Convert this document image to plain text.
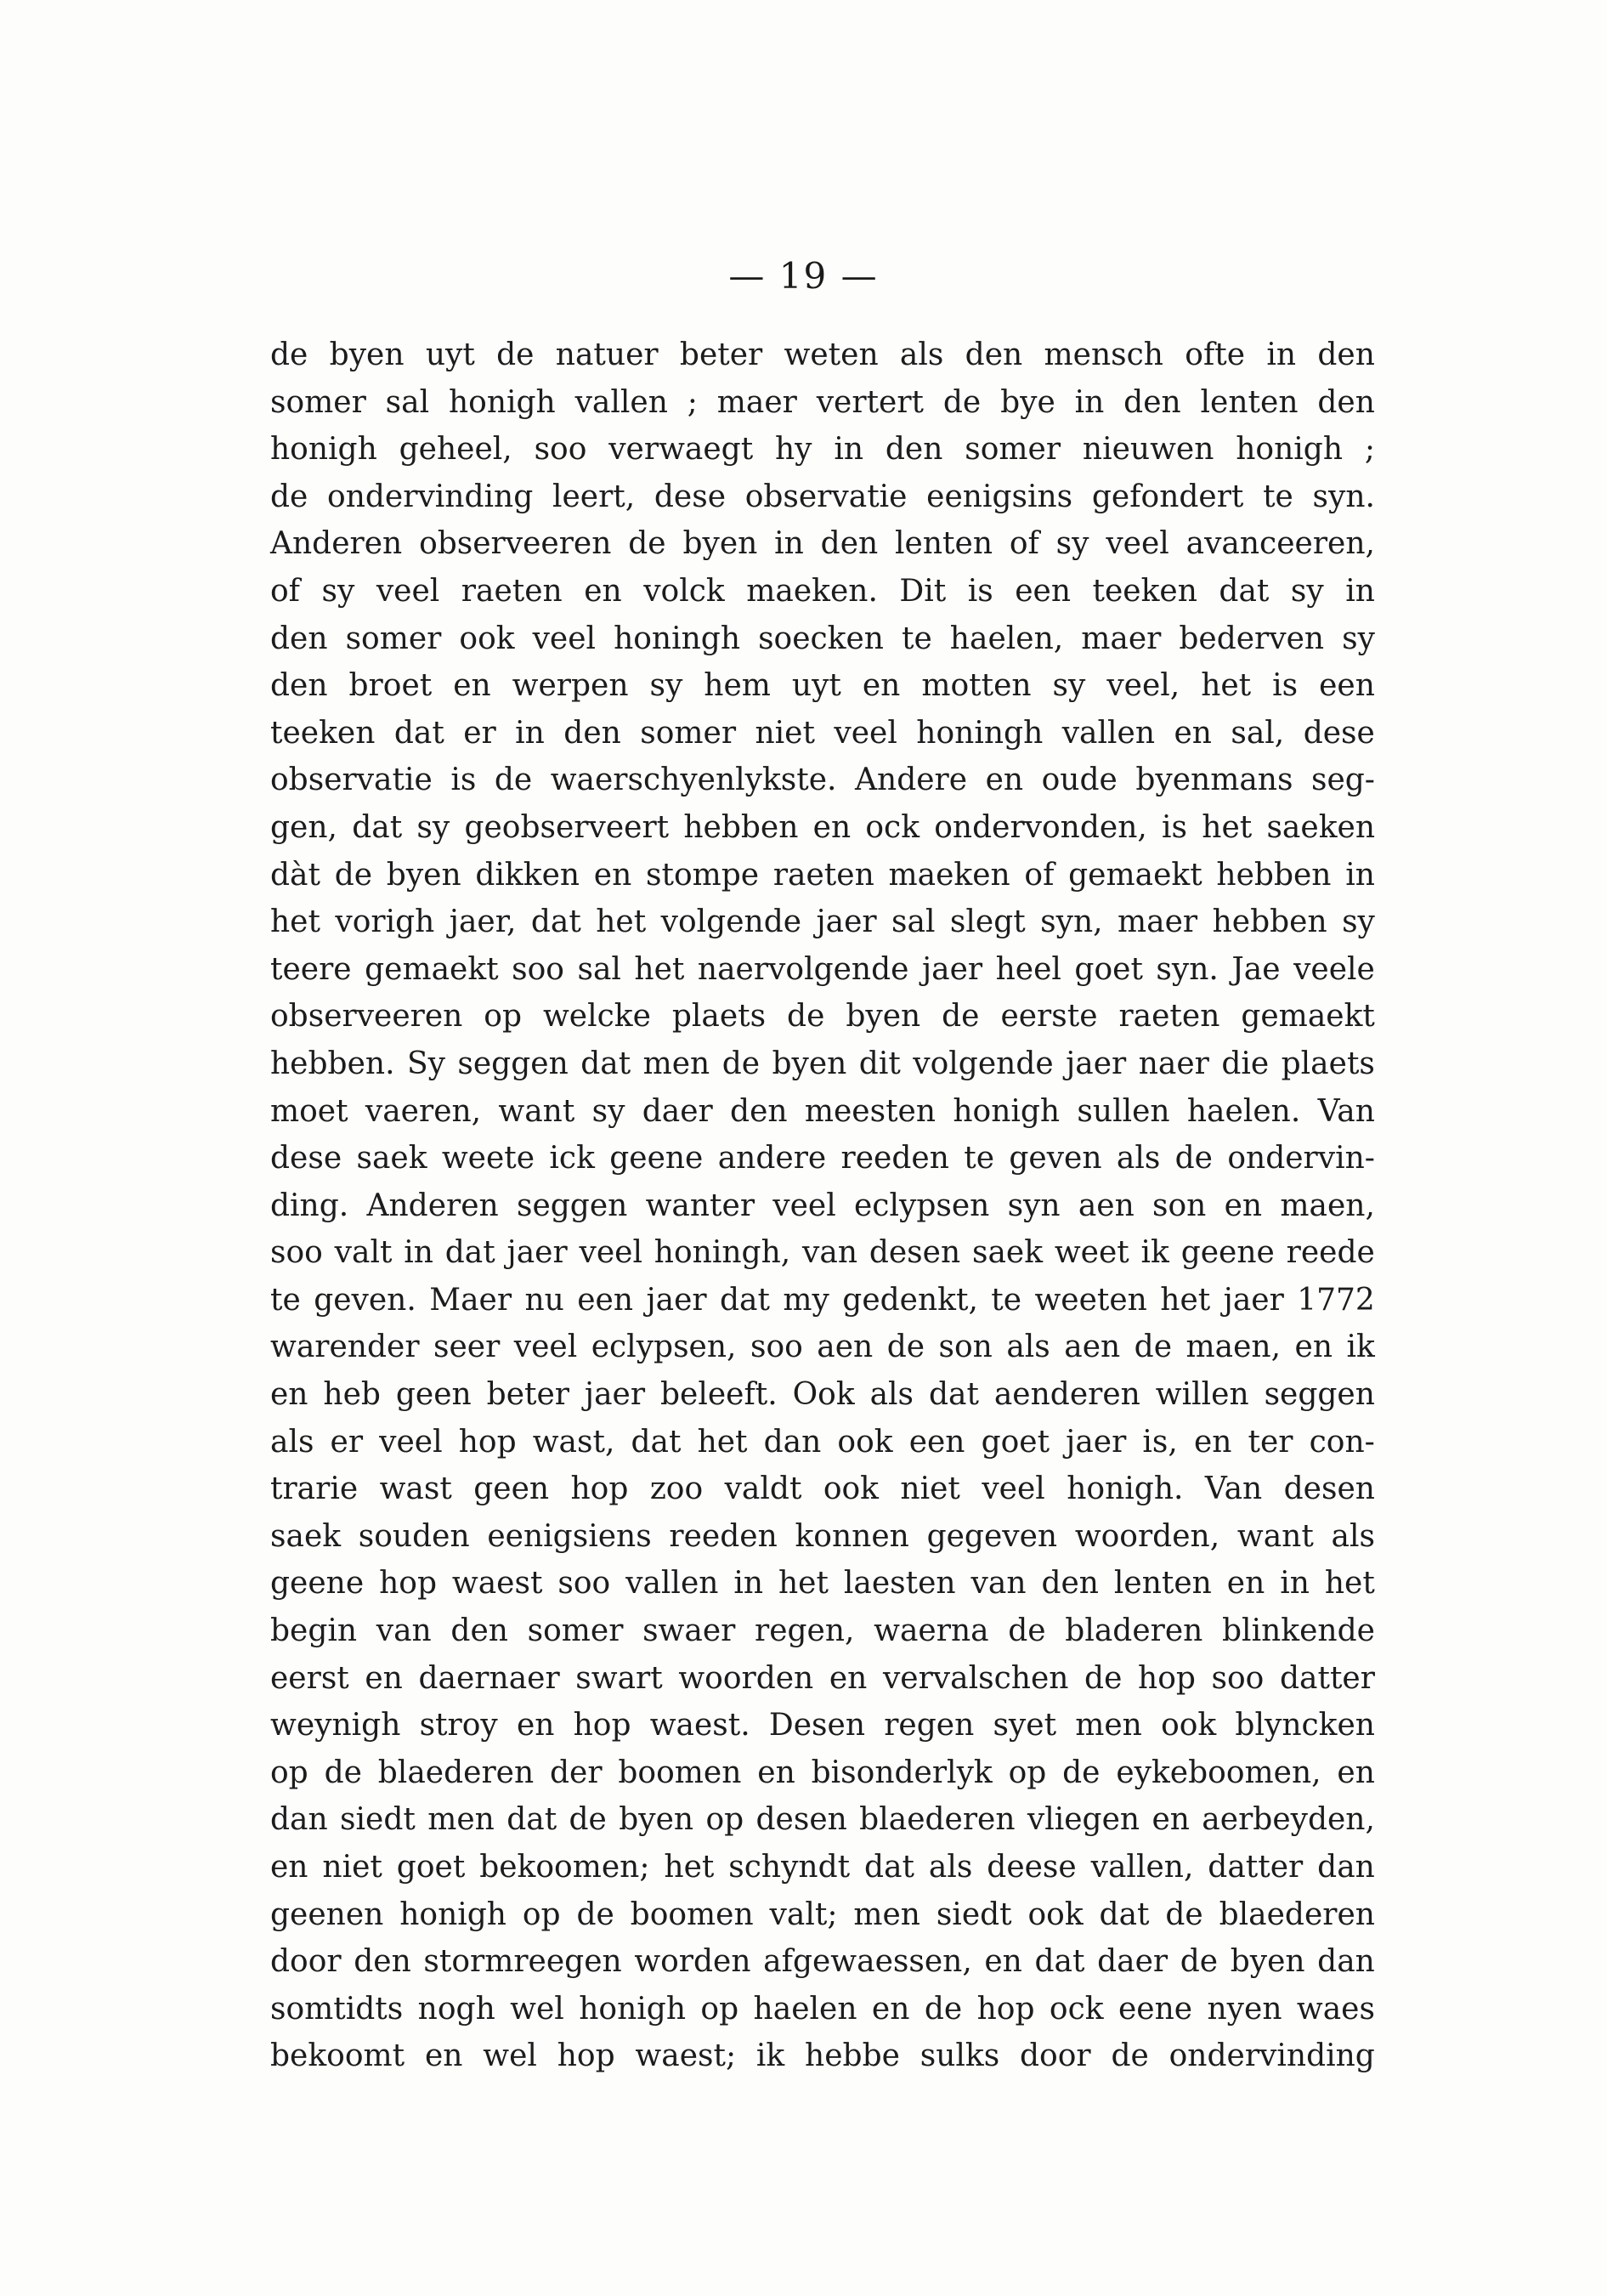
— 19 —
de byen uyt de natuer beter weten als den mensch ofte in den
somer sal honigh vallen ; maer vertert de bye in den lenten den
honigh geheel, soo verwaegt hy in den somer nieuwen honigh ;
de ondervinding leert, dese observatie eenigsins gefondert te syn.
Anderen observeeren de byen in den lenten of sy veel avanceeren,
of sy veel raeten en volck maeken. Dit is een teeken dat sy in
den somer ook veel honingh soecken te haelen, maer bederven sy
den broet en werpen sy hem uyt en motten sy veel, het is een
teeken dat er in den somer niet veel honingh vallen en sal, dese
observatie is de waerschyenlykste. Andere en oude byenmans seg-
gen, dat sy geobserveert hebben en ock ondervonden, is het saeken
dàt de byen dikken en stompe raeten maeken of gemaekt hebben in
het vorigh jaer, dat het volgende jaer sal slegt syn, maer hebben sy
teere gemaekt soo sal het naervolgende jaer heel goet syn. Jae veele
observeeren op welcke plaets de byen de eerste raeten gemaekt
hebben. Sy seggen dat men de byen dit volgende jaer naer die plaets
moet vaeren, want sy daer den meesten honigh sullen haelen. Van
dese saek weete ick geene andere reeden te geven als de ondervin-
ding. Anderen seggen wanter veel eclypsen syn aen son en maen,
soo valt in dat jaer veel honingh, van desen saek weet ik geene reede
te geven. Maer nu een jaer dat my gedenkt, te weeten het jaer 1772
warender seer veel eclypsen, soo aen de son als aen de maen, en ik
en heb geen beter jaer beleeft. Ook als dat aenderen willen seggen
als er veel hop wast, dat het dan ook een goet jaer is, en ter con-
trarie wast geen hop zoo valdt ook niet veel honigh. Van desen
saek souden eenigsiens reeden konnen gegeven woorden, want als
geene hop waest soo vallen in het laesten van den lenten en in het
begin van den somer swaer regen, waerna de bladeren blinkende
eerst en daernaer swart woorden en vervalschen de hop soo datter
weynigh stroy en hop waest. Desen regen syet men ook blyncken
op de blaederen der boomen en bisonderlyk op de eykeboomen, en
dan siedt men dat de byen op desen blaederen vliegen en aerbeyden,
en niet goet bekoomen; het schyndt dat als deese vallen, datter dan
geenen honigh op de boomen valt; men siedt ook dat de blaederen
door den stormreegen worden afgewaessen, en dat daer de byen dan
somtidts nogh wel honigh op haelen en de hop ock eene nyen waes
bekoomt en wel hop waest; ik hebbe sulks door de ondervinding
